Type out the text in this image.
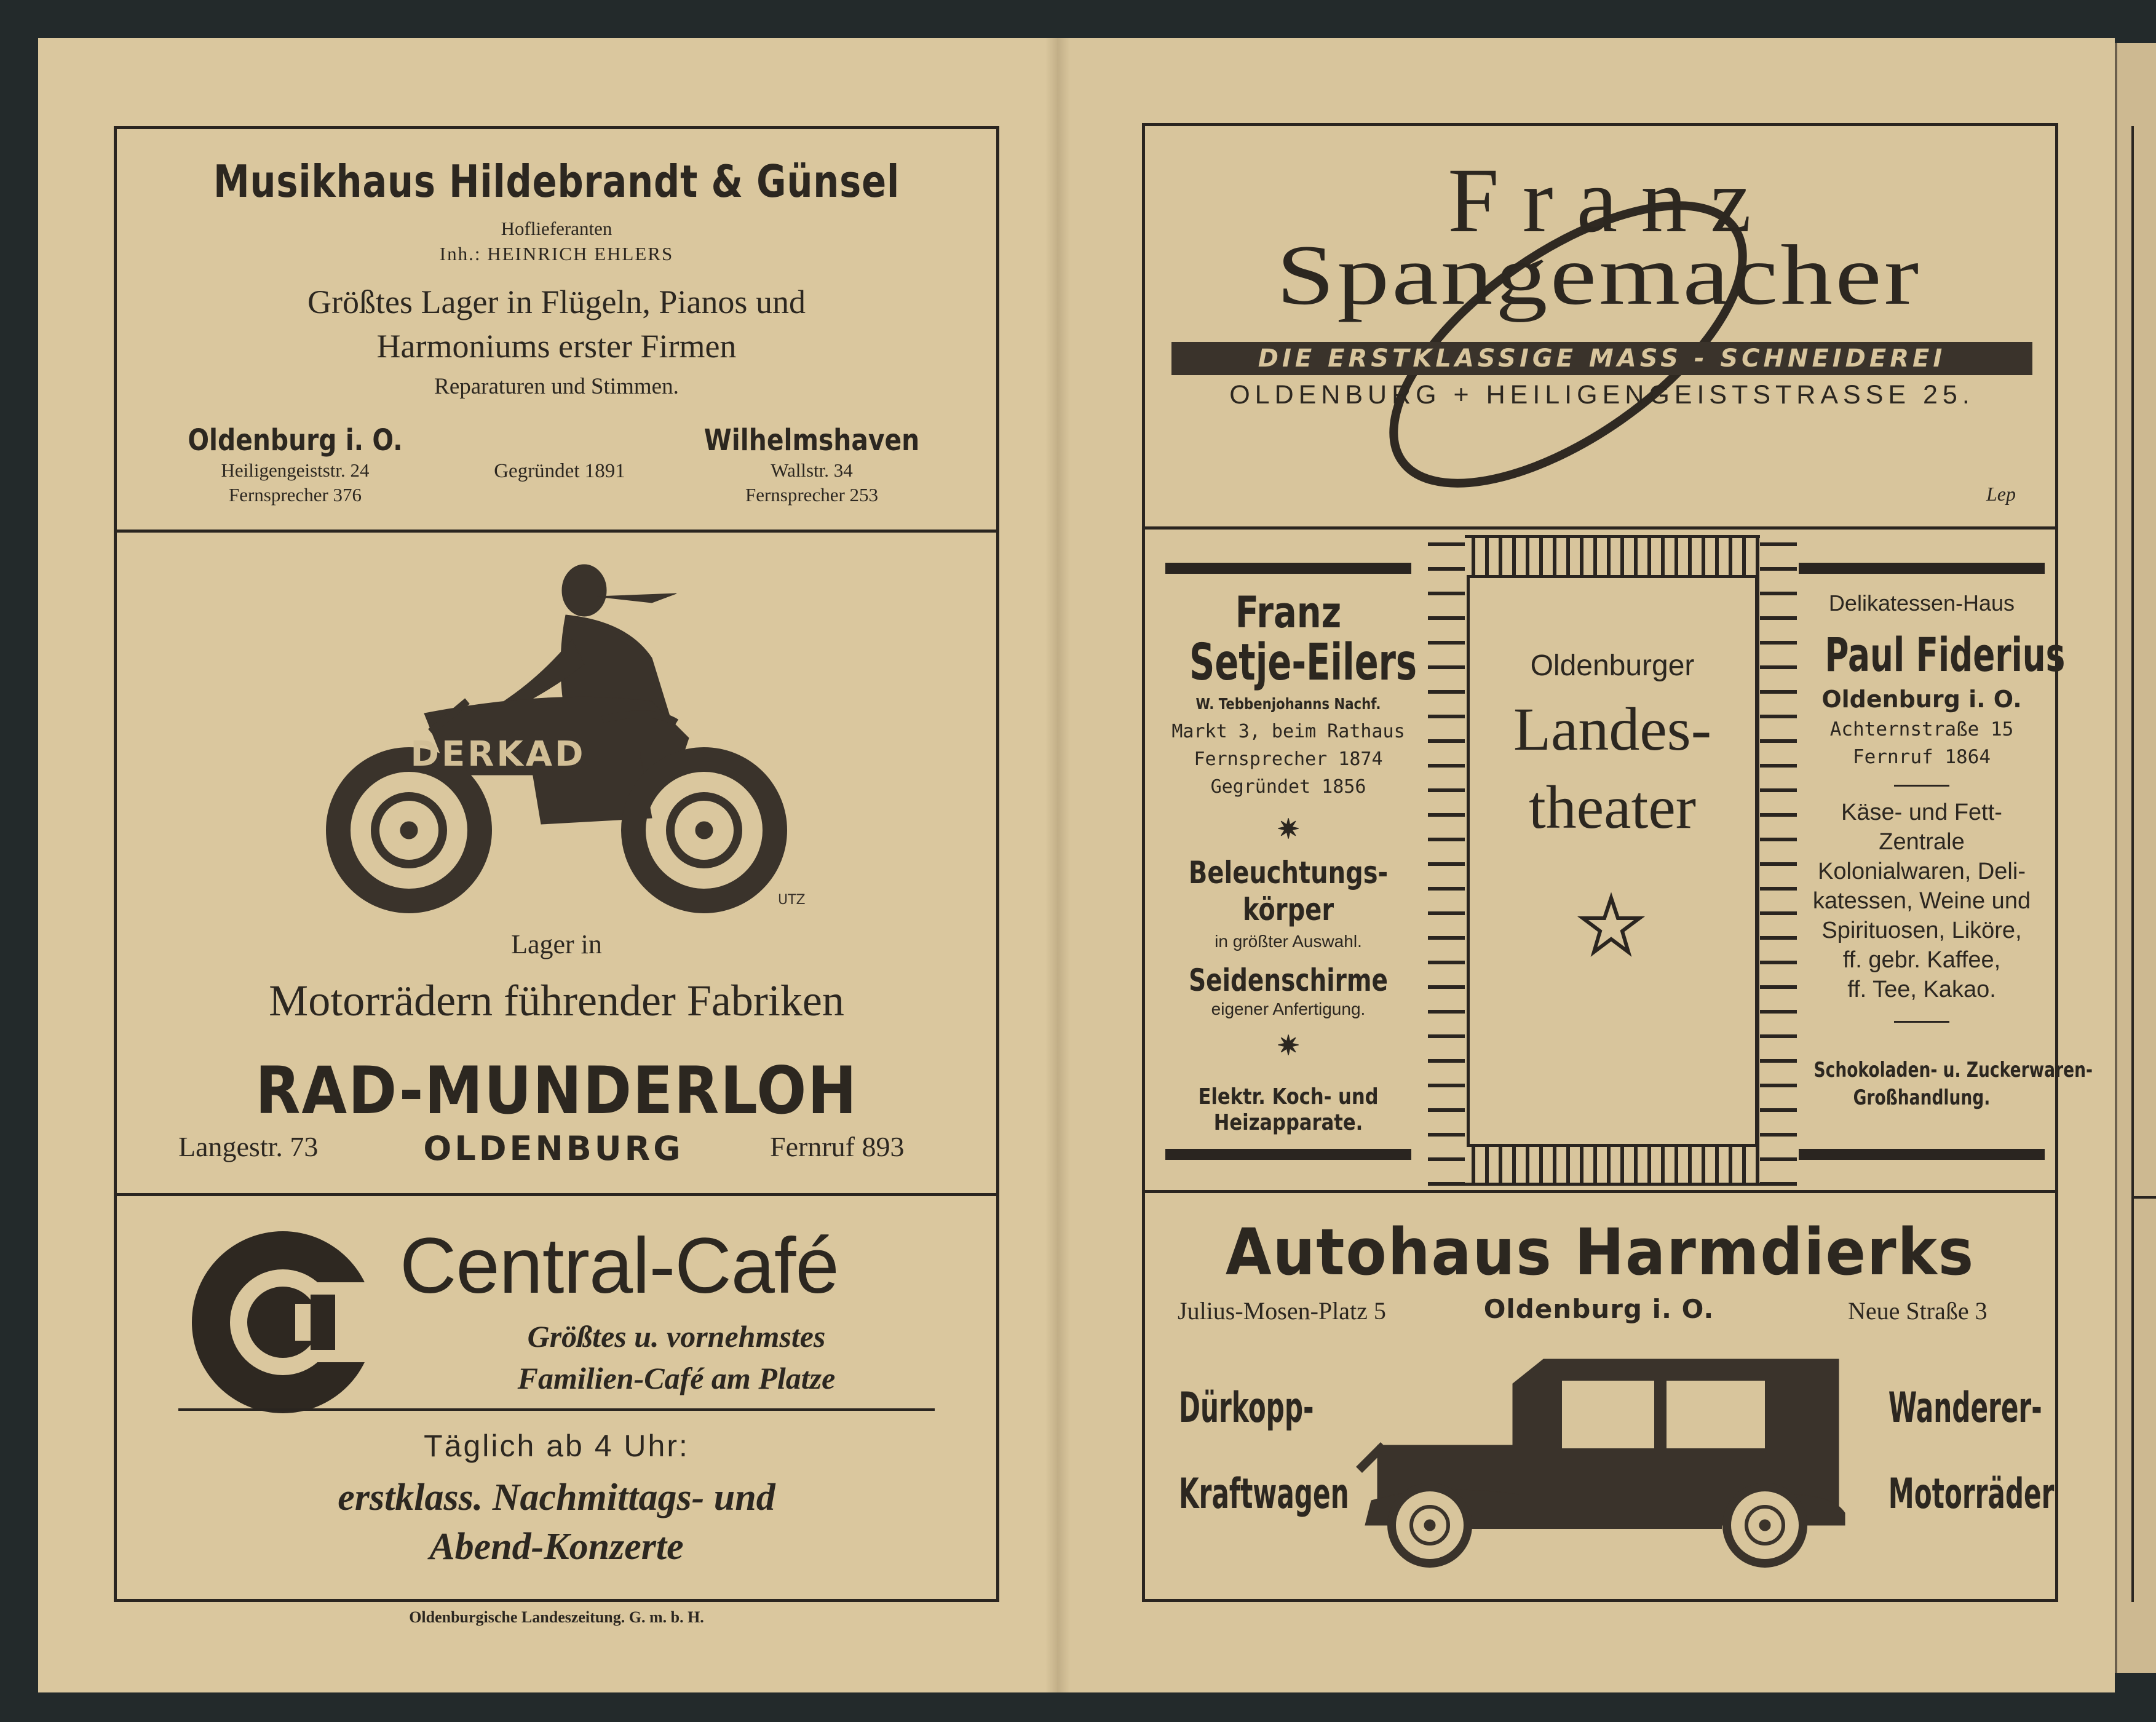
Musikhaus Hildebrandt & Günsel
Hoflieferanten
Inh.: HEINRICH EHLERS
Größtes Lager in Flügeln, Pianos und
Harmoniums erster Firmen
Reparaturen und Stimmen.
Oldenburg i. O.
Heiligengeiststr. 24
Fernsprecher 376
Gegründet 1891
Wilhelmshaven
Wallstr. 34
Fernsprecher 253
DERKAD
UTZ
Lager in
Motorrädern führender Fabriken
RAD-MUNDERLOH
Langestr. 73	OLDENBURG	Fernruf 893
Central-Café
Größtes u. vornehmstes
Familien-Café am Platze
Täglich ab 4 Uhr:
erstklass. Nachmittags- und
Abend-Konzerte
Oldenburgische Landeszeitung. G. m. b. H.
Franz
Spangemacher
DIE ERSTKLASSIGE MASS - SCHNEIDEREI
OLDENBURG + HEILIGENGEISTSTRASSE 25.
Lep
Franz
Setje-Eilers
W. Tebbenjohanns Nachf.
Markt 3, beim Rathaus
Fernsprecher 1874
Gegründet 1856
✷
Beleuchtungs-
körper
in größter Auswahl.
Seidenschirme
eigener Anfertigung.
✷
Elektr. Koch- und
Heizapparate.
Oldenburger
Landes-
theater
Delikatessen-Haus
Paul Fiderius
Oldenburg i. O.
Achternstraße 15
Fernruf 1864
Käse- und Fett-
Zentrale
Kolonialwaren, Deli-
katessen, Weine und
Spirituosen, Liköre,
ff. gebr. Kaffee,
ff. Tee, Kakao.
Schokoladen- u. Zuckerwaren-
Großhandlung.
Autohaus Harmdierks
Julius-Mosen-Platz 5	Oldenburg i. O.	Neue Straße 3
Dürkopp-
Kraftwagen
Wanderer-
Motorräder
